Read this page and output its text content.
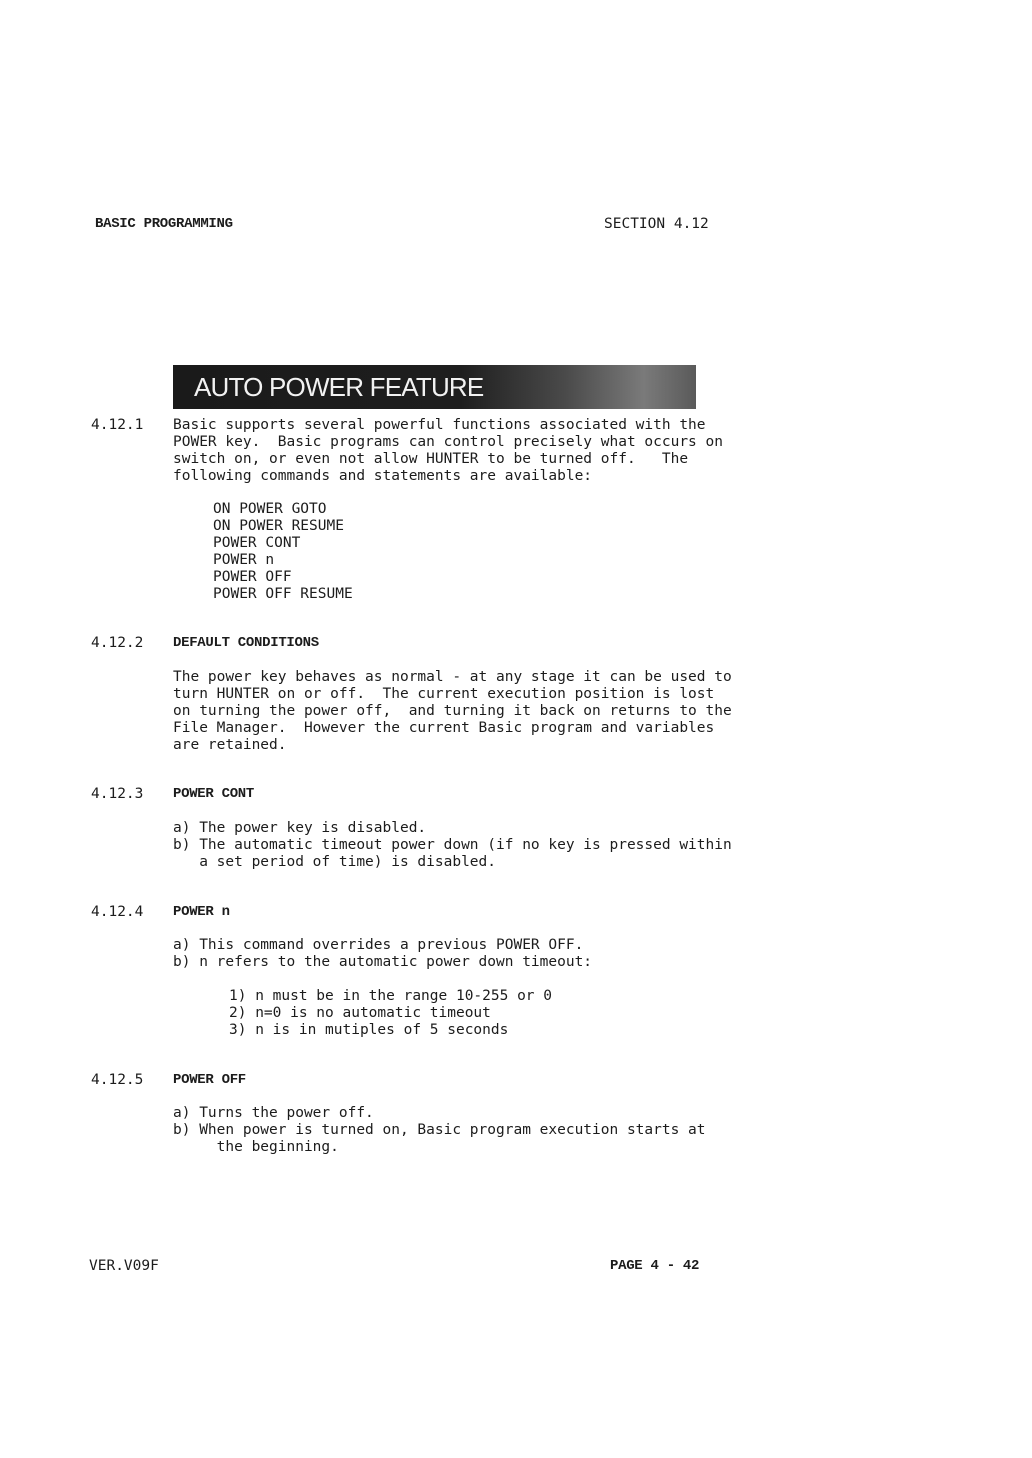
BASIC PROGRAMMING	SECTION 4.12
AUTO POWER FEATURE
4.12.1 Basic supports several powerful functions associated with the
POWER key.  Basic programs can control precisely what occurs on
switch on, or even not allow HUNTER to be turned off.   The
following commands and statements are available:
ON POWER GOTO
ON POWER RESUME
POWER CONT
POWER n
POWER OFF
POWER OFF RESUME
4.12.2 DEFAULT CONDITIONS
The power key behaves as normal - at any stage it can be used to
turn HUNTER on or off.  The current execution position is lost
on turning the power off,  and turning it back on returns to the
File Manager.  However the current Basic program and variables
are retained.
4.12.3 POWER CONT
a) The power key is disabled.
b) The automatic timeout power down (if no key is pressed within
a set period of time) is disabled.
4.12.4 POWER n
a) This command overrides a previous POWER OFF.
b) n refers to the automatic power down timeout:
1) n must be in the range 10-255 or 0
2) n=0 is no automatic timeout
3) n is in mutiples of 5 seconds
4.12.5 POWER OFF
a) Turns the power off.
b) When power is turned on, Basic program execution starts at
the beginning.
VER.V09F	PAGE 4 - 42
